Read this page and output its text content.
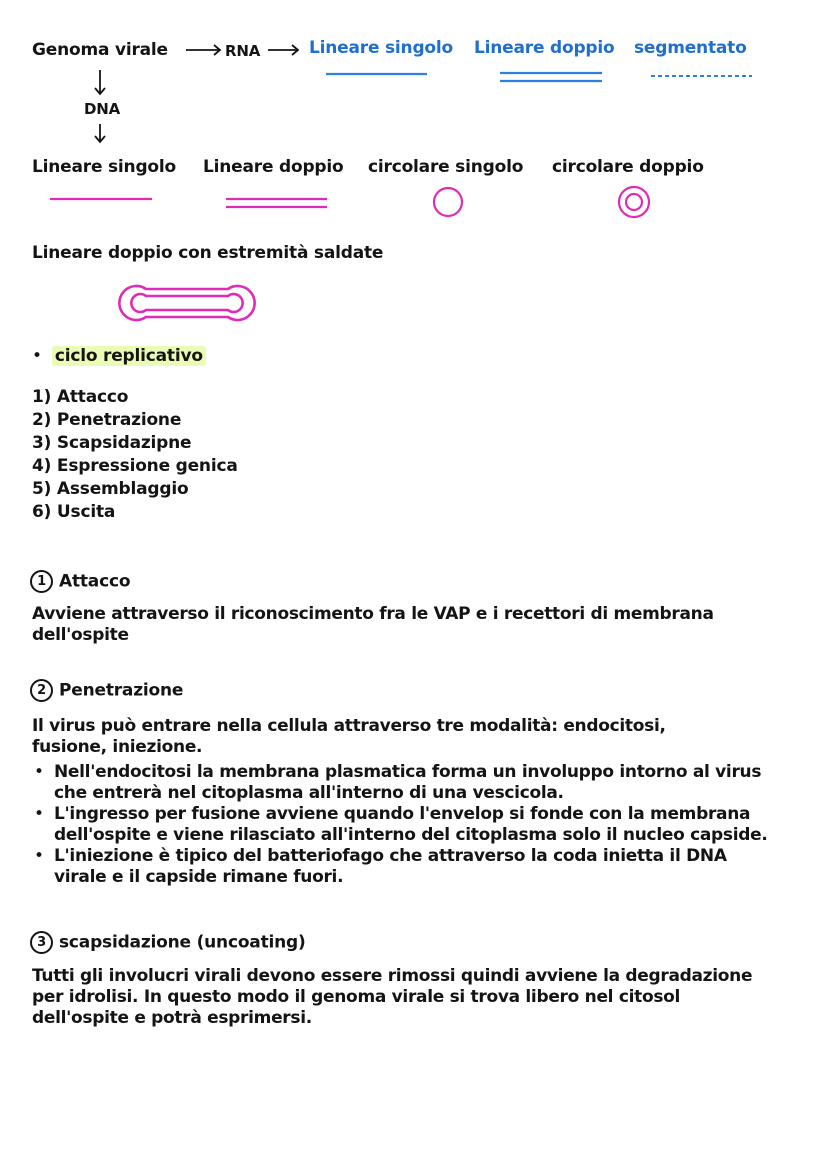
Genoma virale	RNA	Lineare singolo Lineare doppio segmentato
DNA
Lineare singolo Lineare doppio circolare singolo circolare doppio
Lineare doppio con estremità saldate
• ciclo replicativo
1) Attacco
2) Penetrazione
3) Scapsidazipne
4) Espressione genica
5) Assemblaggio
6) Uscita
1 Attacco
Avviene attraverso il riconoscimento fra le VAP e i recettori di membrana
dell'ospite
2 Penetrazione
Il virus può entrare nella cellula attraverso tre modalità: endocitosi,
fusione, iniezione.
• Nell'endocitosi la membrana plasmatica forma un involuppo intorno al virus
che entrerà nel citoplasma all'interno di una vescicola.
• L'ingresso per fusione avviene quando l'envelop si fonde con la membrana
dell'ospite e viene rilasciato all'interno del citoplasma solo il nucleo capside.
• L'iniezione è tipico del batteriofago che attraverso la coda inietta il DNA
virale e il capside rimane fuori.
3 scapsidazione (uncoating)
Tutti gli involucri virali devono essere rimossi quindi avviene la degradazione
per idrolisi. In questo modo il genoma virale si trova libero nel citosol
dell'ospite e potrà esprimersi.
